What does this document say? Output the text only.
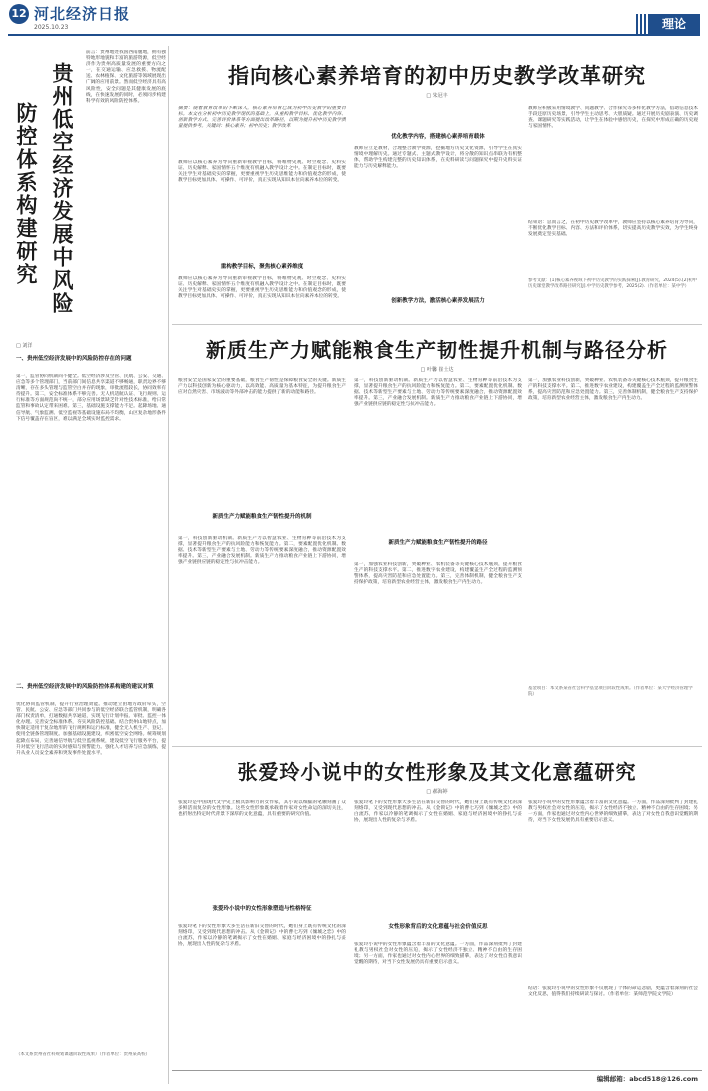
12 河北经济日报
2025.10.23	理论
贵州低空经济发展中风险
防控体系构建研究
前言：贵州地处我国西南腹地，拥有独特地形地貌和丰富的旅游资源，低空经济作为贵州高质量发展的重要方向之一，在交通运输、应急救援、物流配送、农林植保、文化旅游等领域展现出广阔的应用前景。然而低空经济具有高风险性，安全问题是其健康发展的底线，在快速发展的同时，必须同步构建科学有效的风险防控体系。
□ 刘洋
一、贵州低空经济发展中的风险防控存在的问题
第一，监管协同机制尚不健全。低空经济涉及空管、民航、公安、交通、应急等多个管理部门，当前部门间信息共享渠道不够畅通，职责边界不够清晰，存在多头管理与监管空白并存的现象，审批流程较长，协同效率有待提升。第二，安全标准体系不够完善。无人机适航认证、飞行规则、运行标准等方面规范尚不统一，部分应用场景缺乏针对性技术标准，给日常监管和事故认定带来困难。第三，基础设施支撑能力不足。起降场地、通信导航、气象监测、低空监视等基础设施布局不均衡，山区复杂地形条件下信号覆盖存在盲区，难以满足全域实时监控需求。
二、贵州低空经济发展中的风险防控体系构建的建议对策
优化协同监管机制，提升行业治理效能。推动建立由地方政府牵头，空管、民航、公安、应急等部门共同参与的低空经济联合监管机制，明确各部门权责清单，打通数据共享通道，实现飞行计划申报、审批、监控一体化办理。完善安全标准体系，夯实风险防控基础。结合贵州山地特点，加快制定适用于复杂地形的飞行规则和运行标准，健全无人机生产、登记、使用全链条管理制度。加强基础设施建设，织密低空安全网络。统筹规划起降点布局，完善通信导航与低空监视系统，建设低空飞行服务平台，提升对低空飞行活动的实时感知与预警能力。强化人才培养与应急演练，提升从业人员安全素养和突发事件处置水平。
（本文系贵州省社科规划课题阶段性成果）（作者单位：贵州某高校）
指向核心素养培育的初中历史教学改革研究
□ 朱冠丰
摘要：随着教育改革的不断深入，核心素养培育已成为初中历史教学的重要目标。本文在分析初中历史教学现状的基础上，从重构教学目标、优化教学内容、创新教学方式、完善评价体系等方面提出改革路径，以期为提升初中历史教学质量提供参考。关键词：核心素养；初中历史；教学改革
教师应以核心素养为导向重新审视教学目标，将唯物史观、时空观念、史料实证、历史解释、家国情怀五个维度有机融入教学设计之中。在制定目标时，既要关注学生对基础史实的掌握，更要重视学生历史思维能力和价值观念的形成，使教学目标更加具体、可操作、可评价，真正实现从知识本位向素养本位的转变。
重构教学目标，聚焦核心素养维度
教师应以核心素养为导向重新审视教学目标，将唯物史观、时空观念、史料实证、历史解释、家国情怀五个维度有机融入教学设计之中。在制定目标时，既要关注学生对基础史实的掌握，更要重视学生历史思维能力和价值观念的形成，使教学目标更加具体、可操作、可评价，真正实现从知识本位向素养本位的转变。
优化教学内容，搭建核心素养培育载体
教师应立足教材，合理整合教学资源，挖掘地方历史文化资源，引导学生在真实情境中理解历史。通过专题式、主题式教学设计，将分散的知识点串联为有机整体，帮助学生构建完整的历史知识体系，在史料研读与问题探究中提升史料实证能力与历史解释能力。
创新教学方法，激活核心素养发展活力
教师应积极采用情境教学、问题教学、合作探究等多样化教学方法，借助信息技术手段还原历史场景，引导学生主动思考、大胆质疑。通过开展历史剧表演、历史调查、课题研究等实践活动，让学生在体验中感悟历史，在探究中形成正确的历史观与家国情怀。
结束语：总而言之，在初中历史教学改革中，教师应坚持以核心素养培育为导向，不断优化教学目标、内容、方法和评价体系，切实提高历史教学实效，为学生终身发展奠定坚实基础。
参考文献：[1]核心素养视域下初中历史教学的实践探索[J].教育研究，2024(5).[2]初中历史课堂教学改革路径研究[J].中学历史教学参考，2025(2).（作者单位：某中学）
新质生产力赋能粮食生产韧性提升机制与路径分析
□ 叶馨 崔士达
粮食安全是国家安全的重要基础，粮食生产韧性是保障粮食安全的关键。新质生产力以科技创新为核心驱动力，以高效能、高质量为基本特征，为提升粮食生产应对自然灾害、市场波动等外部冲击的能力提供了新的动能和路径。
新质生产力赋能粮食生产韧性提升的机制
第一，科技创新驱动机制。新质生产力以智慧农业、生物育种等前沿技术为支撑，显著提升粮食生产的抗风险能力和恢复能力。第二，要素配置优化机制。数据、技术等新型生产要素与土地、劳动力等传统要素深度融合，推动资源配置效率提升。第三，产业融合发展机制。新质生产力推动粮食产业链上下游协同，增强产业链供应链的稳定性与抗冲击能力。
第一，科技创新驱动机制。新质生产力以智慧农业、生物育种等前沿技术为支撑，显著提升粮食生产的抗风险能力和恢复能力。第二，要素配置优化机制。数据、技术等新型生产要素与土地、劳动力等传统要素深度融合，推动资源配置效率提升。第三，产业融合发展机制。新质生产力推动粮食产业链上下游协同，增强产业链供应链的稳定性与抗冲击能力。
新质生产力赋能粮食生产韧性提升的路径
第一，加强农业科技创新，突破种业、农机装备等关键核心技术瓶颈，提升粮食生产的科技支撑水平。第二，推进数字农业建设，构建覆盖生产全过程的监测预警体系，提高灾害防范和应急处置能力。第三，完善体制机制，健全粮食生产支持保护政策，培育新型农业经营主体，激发粮食生产内生动力。
第一，加强农业科技创新，突破种业、农机装备等关键核心技术瓶颈，提升粮食生产的科技支撑水平。第二，推进数字农业建设，构建覆盖生产全过程的监测预警体系，提高灾害防范和应急处置能力。第三，完善体制机制，健全粮食生产支持保护政策，培育新型农业经营主体，激发粮食生产内生动力。
基金项目：本文系某省社会科学基金项目阶段性成果。（作者单位：某大学经济管理学院）
张爱玲小说中的女性形象及其文化意蕴研究
□ 郝海婷
张爱玲是中国现代文学史上极具影响力的女作家，其小说以细腻的笔触刻画了众多鲜活而复杂的女性形象。这些女性形象既承载着作家对女性命运的深切关注，也折射出特定时代背景下深厚的文化意蕴，具有重要的研究价值。
张爱玲小说中的女性形象塑造与性格特征
张爱玲笔下的女性形象大多生活在新旧交替的时代，她们身上既有传统文化的深刻烙印，又受到现代思想的冲击。从《金锁记》中的曹七巧到《倾城之恋》中的白流苏，作家以冷静的笔调揭示了女性在婚姻、家庭与经济困境中的挣扎与妥协，展现出人性的复杂与矛盾。
张爱玲笔下的女性形象大多生活在新旧交替的时代，她们身上既有传统文化的深刻烙印，又受到现代思想的冲击。从《金锁记》中的曹七巧到《倾城之恋》中的白流苏，作家以冷静的笔调揭示了女性在婚姻、家庭与经济困境中的挣扎与妥协，展现出人性的复杂与矛盾。
女性形象背后的文化意蕴与社会价值反思
张爱玲小说中的女性形象蕴含着丰富的文化意蕴。一方面，作品深刻批判了封建礼教与男权社会对女性的压迫，揭示了女性经济不独立、精神不自由的生存困境；另一方面，作家也通过对女性内心世界的细致描摹，表达了对女性自我意识觉醒的期待，对当下女性发展仍具有重要启示意义。
张爱玲小说中的女性形象蕴含着丰富的文化意蕴。一方面，作品深刻批判了封建礼教与男权社会对女性的压迫，揭示了女性经济不独立、精神不自由的生存困境；另一方面，作家也通过对女性内心世界的细致描摹，表达了对女性自我意识觉醒的期待，对当下女性发展仍具有重要启示意义。
结语：张爱玲小说中的女性形象不仅展现了个体的命运悲剧，更蕴含着深刻的社会文化反思，值得我们持续研读与探讨。（作者单位：某师范学院文学院）
编辑邮箱：abcd518@126.com
